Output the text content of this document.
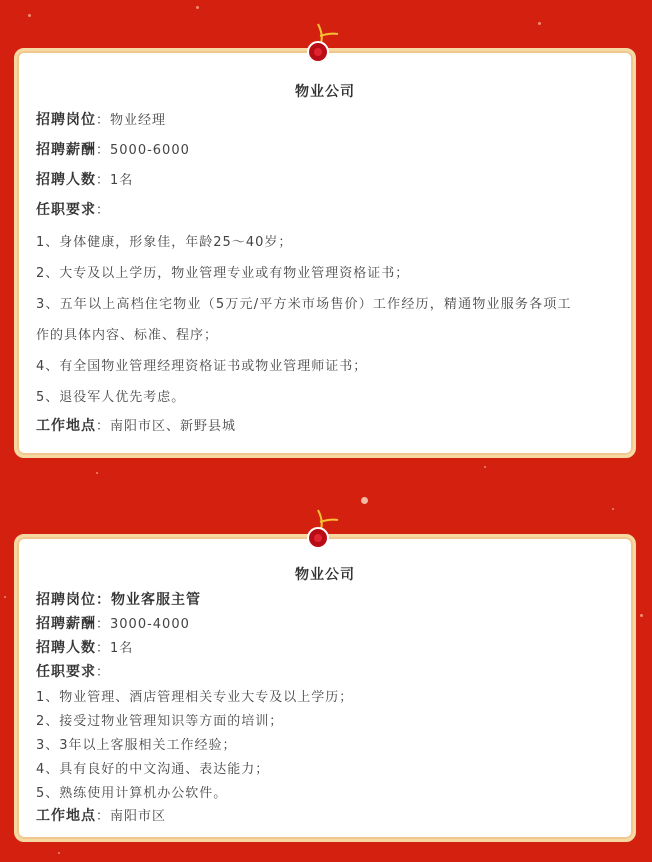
物业公司
招聘岗位：物业经理
招聘薪酬：5000-6000
招聘人数：1名
任职要求：
1、身体健康，形象佳，年龄25～40岁；
2、大专及以上学历，物业管理专业或有物业管理资格证书；
3、五年以上高档住宅物业（5万元/平方米市场售价）工作经历，精通物业服务各项工
作的具体内容、标准、程序；
4、有全国物业管理经理资格证书或物业管理师证书；
5、退役军人优先考虑。
工作地点：南阳市区、新野县城
物业公司
招聘岗位：物业客服主管
招聘薪酬：3000-4000
招聘人数：1名
任职要求：
1、物业管理、酒店管理相关专业大专及以上学历；
2、接受过物业管理知识等方面的培训；
3、3年以上客服相关工作经验；
4、具有良好的中文沟通、表达能力；
5、熟练使用计算机办公软件。
工作地点：南阳市区
